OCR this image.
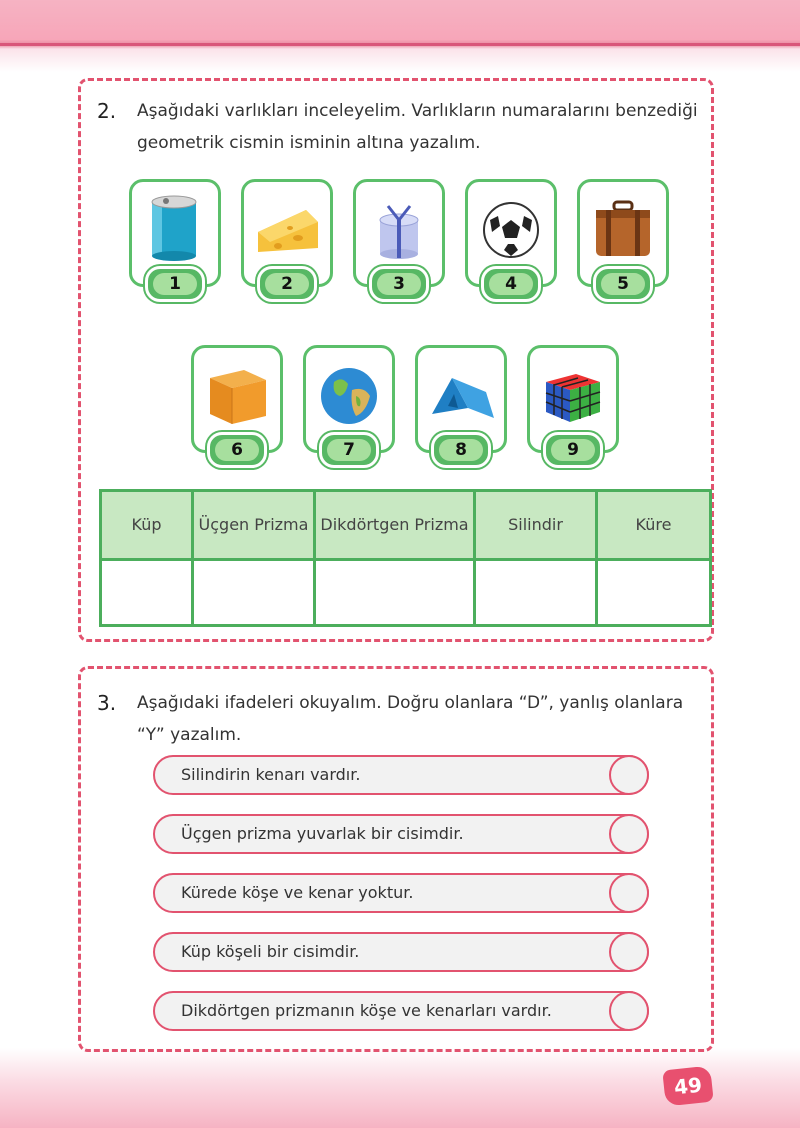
2. Aşağıdaki varlıkları inceleyelim. Varlıkların numaralarını benzediği geometrik cismin isminin altına yazalım.
1	2	3	4	5
6	7	8	9
Küp	Üçgen Prizma	Dikdörtgen Prizma	Silindir	Küre

3. Aşağıdaki ifadeleri okuyalım. Doğru olanlara “D”, yanlış olanlara “Y” yazalım.
Silindirin kenarı vardır.
Üçgen prizma yuvarlak bir cisimdir.
Kürede köşe ve kenar yoktur.
Küp köşeli bir cisimdir.
Dikdörtgen prizmanın köşe ve kenarları vardır.
49
